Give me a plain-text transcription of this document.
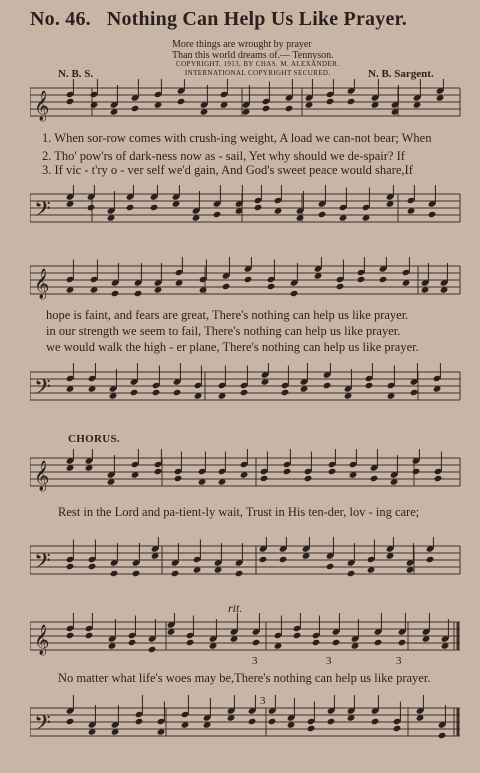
No. 46. Nothing Can Help Us Like Prayer.
More things are wrought by prayer
Than this world dreams of.— Tennyson.
COPYRIGHT, 1913, BY CHAS. M. ALEXANDER.
INTERNATIONAL COPYRIGHT SECURED.
N. B. S.	N. B. Sargent.
𝄞
1. When sor-row comes with crush-ing weight, A load we can-not bear; When
2. Tho' pow'rs of dark-ness now as - sail, Yet why should we de-spair? If
3. If vic - t'ry o - ver self we'd gain, And God's sweet peace would share,If
𝄢
𝄞
hope is faint, and fears are great, There's nothing can help us like prayer.
in our strength we seem to fail, There's nothing can help us like prayer.
we would walk the high - er plane, There's nothing can help us like prayer.
𝄢
CHORUS.
𝄞
Rest in the Lord and pa-tient-ly wait, Trust in His ten-der, lov - ing care;
𝄢
rit.
𝄞
3	3	3
No matter what life's woes may be,There's nothing can help us like prayer.
𝄢
3
